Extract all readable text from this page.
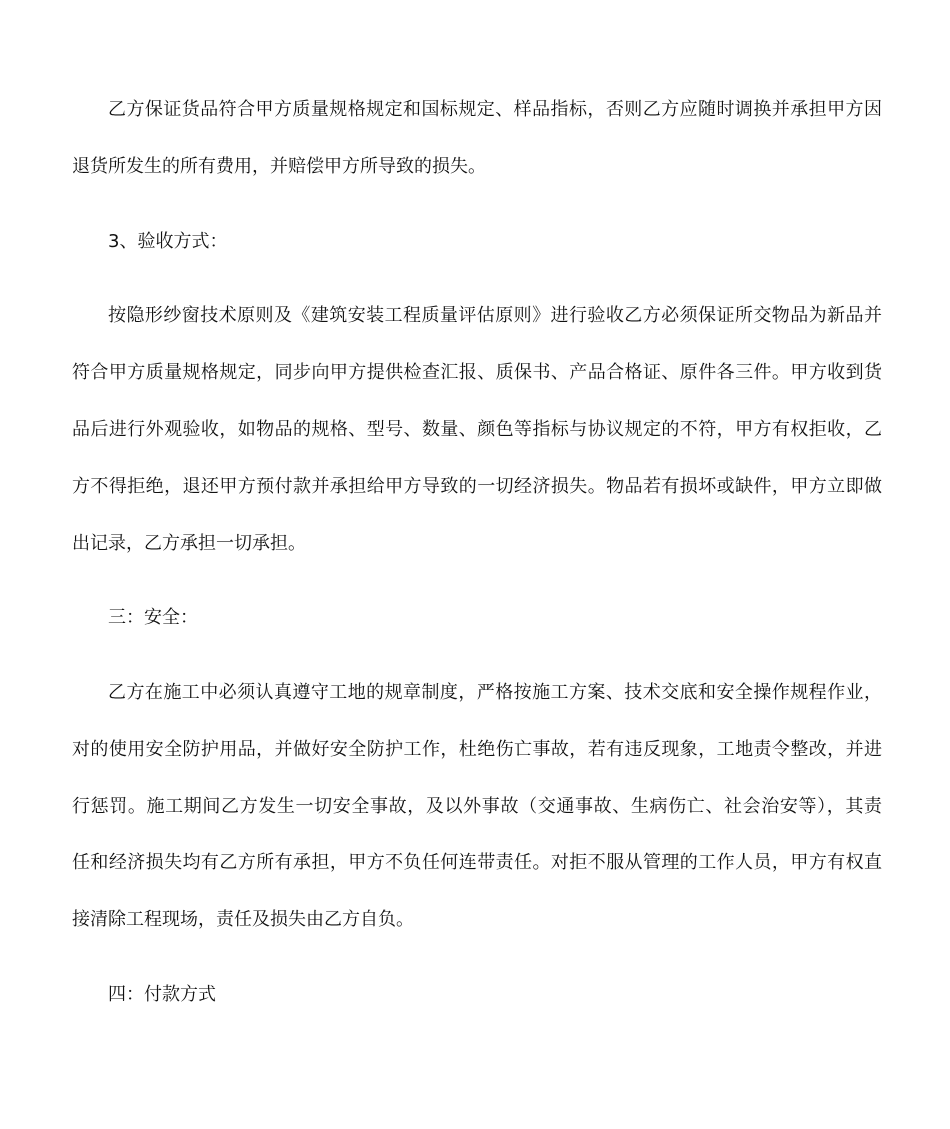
乙方保证货品符合甲方质量规格规定和国标规定、样品指标，否则乙方应随时调换并承担甲方因
退货所发生的所有费用，并赔偿甲方所导致的损失。
3、验收方式：
按隐形纱窗技术原则及《建筑安装工程质量评估原则》进行验收乙方必须保证所交物品为新品并
符合甲方质量规格规定，同步向甲方提供检查汇报、质保书、产品合格证、原件各三件。甲方收到货
品后进行外观验收，如物品的规格、型号、数量、颜色等指标与协议规定的不符，甲方有权拒收，乙
方不得拒绝，退还甲方预付款并承担给甲方导致的一切经济损失。物品若有损坏或缺件，甲方立即做
出记录，乙方承担一切承担。
三：安全：
乙方在施工中必须认真遵守工地的规章制度，严格按施工方案、技术交底和安全操作规程作业，
对的使用安全防护用品，并做好安全防护工作，杜绝伤亡事故，若有违反现象，工地责令整改，并进
行惩罚。施工期间乙方发生一切安全事故，及以外事故（交通事故、生病伤亡、社会治安等），其责
任和经济损失均有乙方所有承担，甲方不负任何连带责任。对拒不服从管理的工作人员，甲方有权直
接清除工程现场，责任及损失由乙方自负。
四：付款方式
